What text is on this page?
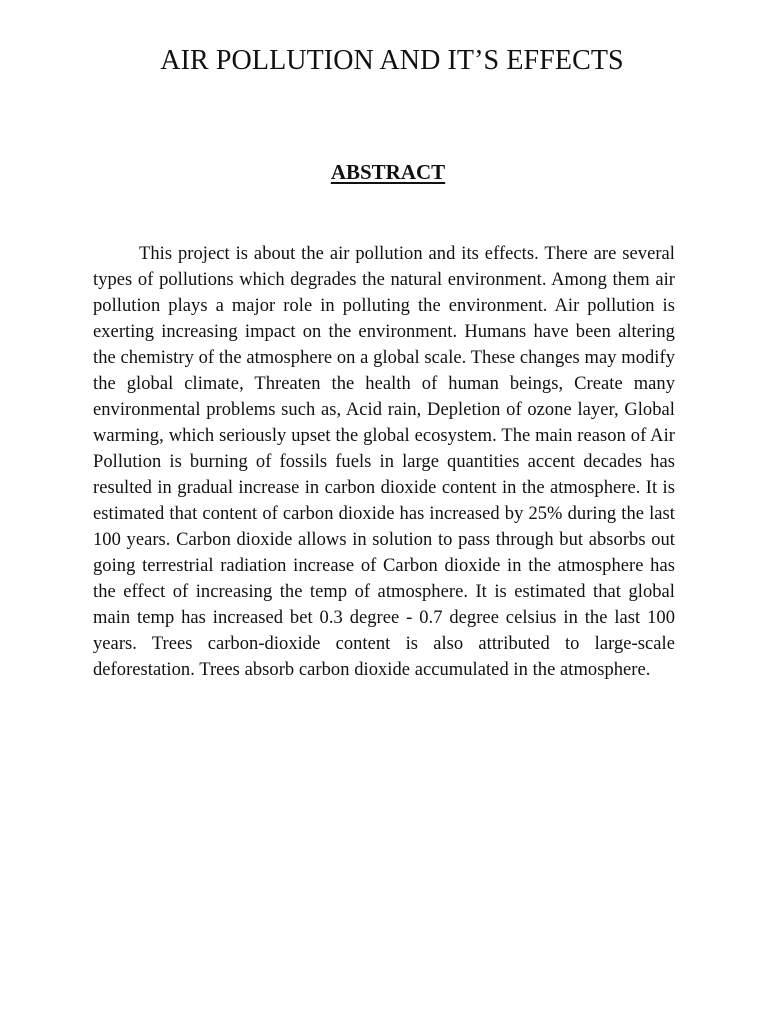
AIR POLLUTION AND IT’S EFFECTS
ABSTRACT

This project is about the air pollution and its effects. There are several types of pollutions which degrades the natural environment. Among them air pollution plays a major role in polluting the environment. Air pollution is exerting increasing impact on the environment. Humans have been altering the chemistry of the atmosphere on a global scale. These changes may modify the global climate, Threaten the health of human beings, Create many environmental problems such as, Acid rain, Depletion of ozone layer, Global warming, which seriously upset the global ecosystem. The main reason of Air Pollution is burning of fossils fuels in large quantities accent decades has resulted in gradual increase in carbon dioxide content in the atmosphere. It is estimated that content of carbon dioxide has increased by 25% during the last 100 years. Carbon dioxide allows in solution to pass through but absorbs out going terrestrial radiation increase of Carbon dioxide in the atmosphere has the effect of increasing the temp of atmosphere. It is estimated that global main temp has increased bet 0.3 degree - 0.7 degree celsius in the last 100 years. Trees carbon-dioxide content is also attributed to large-scale deforestation. Trees absorb carbon dioxide accumulated in the atmosphere.
